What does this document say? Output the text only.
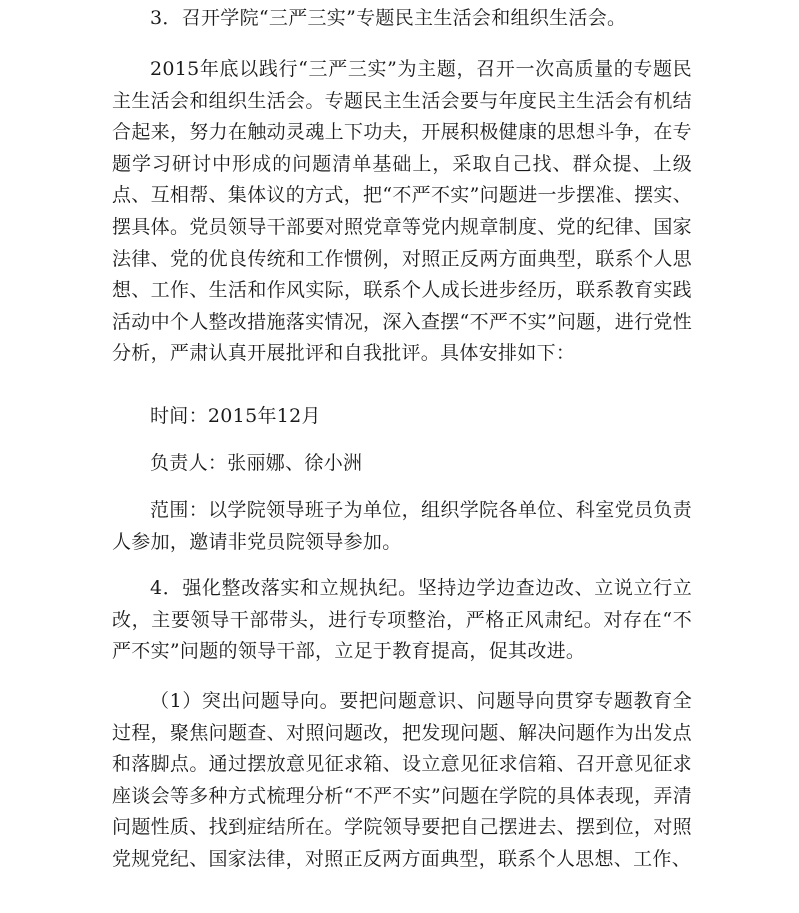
3．召开学院“三严三实”专题民主生活会和组织生活会。

2015年底以践行“三严三实”为主题，召开一次高质量的专题民主生活会和组织生活会。专题民主生活会要与年度民主生活会有机结合起来，努力在触动灵魂上下功夫，开展积极健康的思想斗争，在专题学习研讨中形成的问题清单基础上，采取自己找、群众提、上级点、互相帮、集体议的方式，把“不严不实”问题进一步摆准、摆实、摆具体。党员领导干部要对照党章等党内规章制度、党的纪律、国家法律、党的优良传统和工作惯例，对照正反两方面典型，联系个人思想、工作、生活和作风实际，联系个人成长进步经历，联系教育实践活动中个人整改措施落实情况，深入查摆“不严不实”问题，进行党性分析，严肃认真开展批评和自我批评。具体安排如下：

时间：2015年12月

负责人：张丽娜、徐小洲

范围：以学院领导班子为单位，组织学院各单位、科室党员负责人参加，邀请非党员院领导参加。

4．强化整改落实和立规执纪。坚持边学边查边改、立说立行立改，主要领导干部带头，进行专项整治，严格正风肃纪。对存在“不严不实”问题的领导干部，立足于教育提高，促其改进。

（1）突出问题导向。要把问题意识、问题导向贯穿专题教育全过程，聚焦问题查、对照问题改，把发现问题、解决问题作为出发点和落脚点。通过摆放意见征求箱、设立意见征求信箱、召开意见征求座谈会等多种方式梳理分析“不严不实”问题在学院的具体表现，弄清问题性质、找到症结所在。学院领导要把自己摆进去、摆到位，对照党规党纪、国家法律，对照正反两方面典型，联系个人思想、工作、
